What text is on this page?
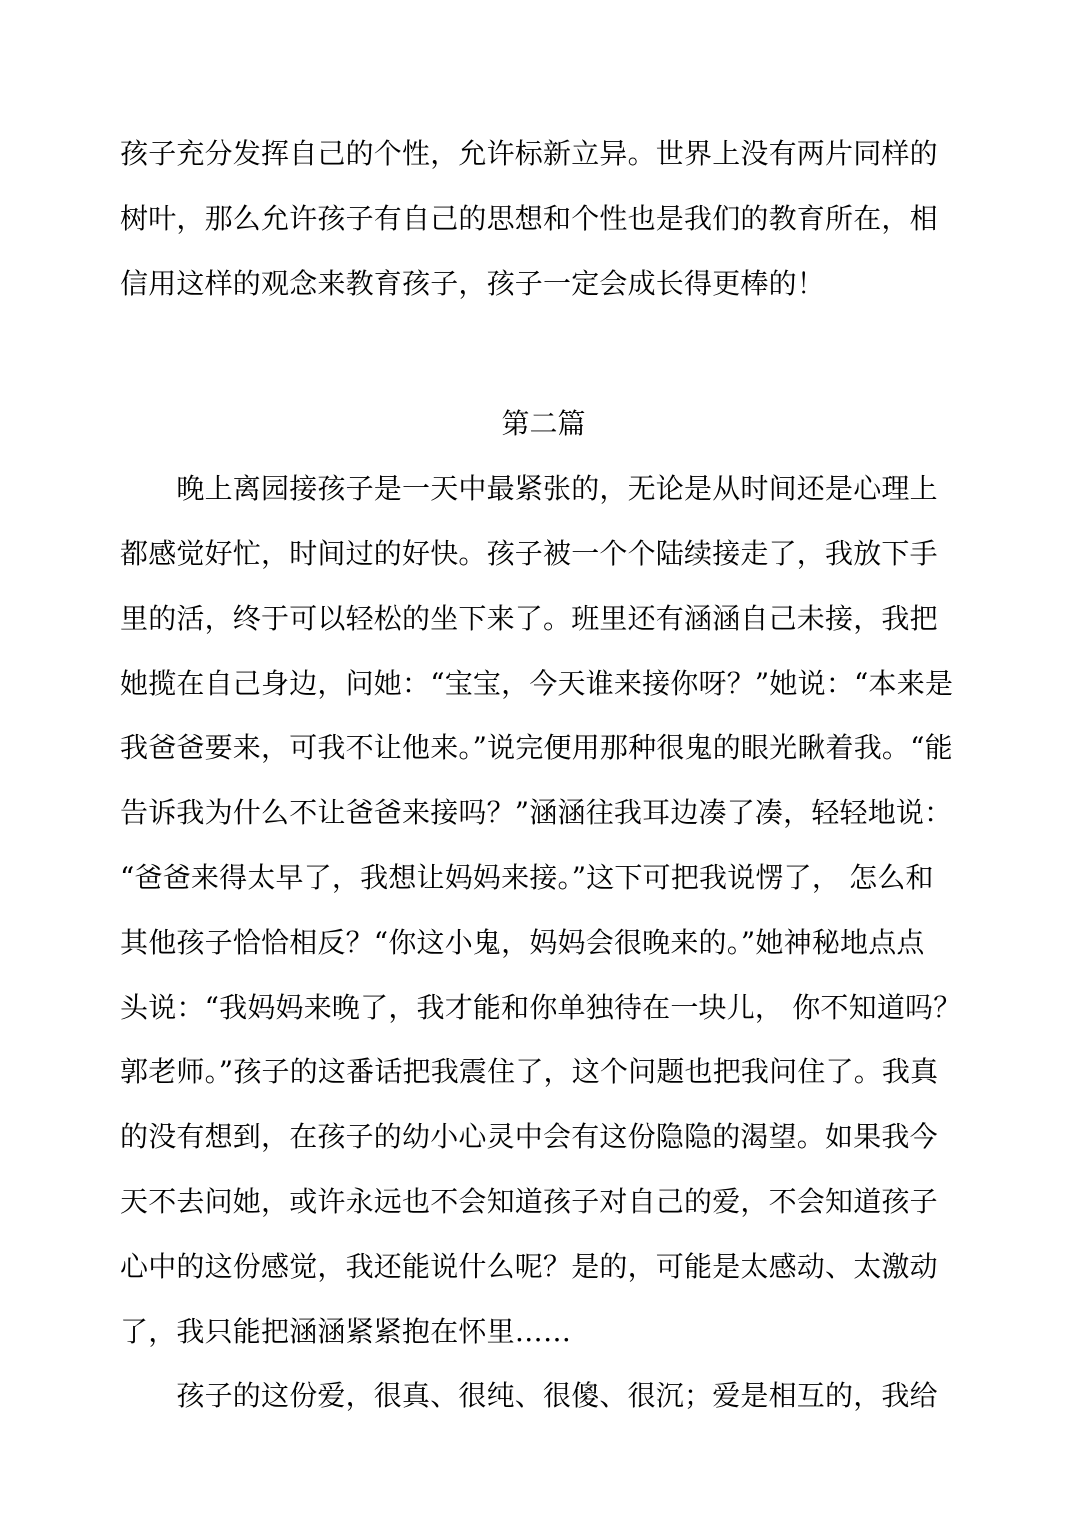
孩子充分发挥自己的个性，允许标新立异。世界上没有两片同样的
树叶，那么允许孩子有自己的思想和个性也是我们的教育所在，相
信用这样的观念来教育孩子，孩子一定会成长得更棒的！
第二篇
　　晚上离园接孩子是一天中最紧张的，无论是从时间还是心理上
都感觉好忙，时间过的好快。孩子被一个个陆续接走了，我放下手
里的活，终于可以轻松的坐下来了。班里还有涵涵自己未接，我把
她揽在自己身边，问她：“宝宝，今天谁来接你呀？”她说：“本来是
我爸爸要来，可我不让他来。”说完便用那种很鬼的眼光瞅着我。“能
告诉我为什么不让爸爸来接吗？”涵涵往我耳边凑了凑，轻轻地说：
“爸爸来得太早了，我想让妈妈来接。”这下可把我说愣了， 怎么和
其他孩子恰恰相反？“你这小鬼，妈妈会很晚来的。”她神秘地点点
头说：“我妈妈来晚了，我才能和你单独待在一块儿， 你不知道吗？
郭老师。”孩子的这番话把我震住了，这个问题也把我问住了。我真
的没有想到，在孩子的幼小心灵中会有这份隐隐的渴望。如果我今
天不去问她，或许永远也不会知道孩子对自己的爱，不会知道孩子
心中的这份感觉，我还能说什么呢？是的，可能是太感动、太激动
了，我只能把涵涵紧紧抱在怀里……
　　孩子的这份爱，很真、很纯、很傻、很沉；爱是相互的，我给
